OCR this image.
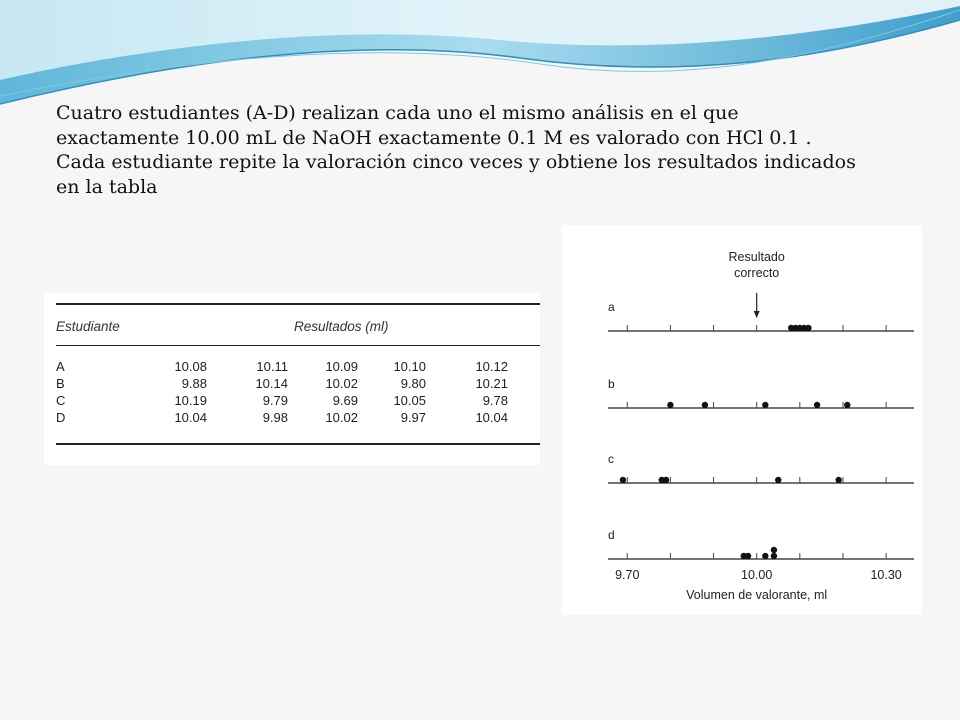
Cuatro estudiantes (A-D) realizan cada uno el mismo análisis en el que
exactamente 10.00 mL de NaOH exactamente 0.1 M es valorado con HCl 0.1 .
Cada estudiante repite la valoración cinco veces y obtiene los resultados indicados
en la tabla
Estudiante	Resultados (ml)
A	10.08	10.11	10.09	10.10	10.12
B	9.88	10.14	10.02	9.80	10.21
C	10.19	9.79	9.69	10.05	9.78
D	10.04	9.98	10.02	9.97	10.04
Resultado
correcto
a
b
c
d
9.70	10.00	10.30
Volumen de valorante, ml
